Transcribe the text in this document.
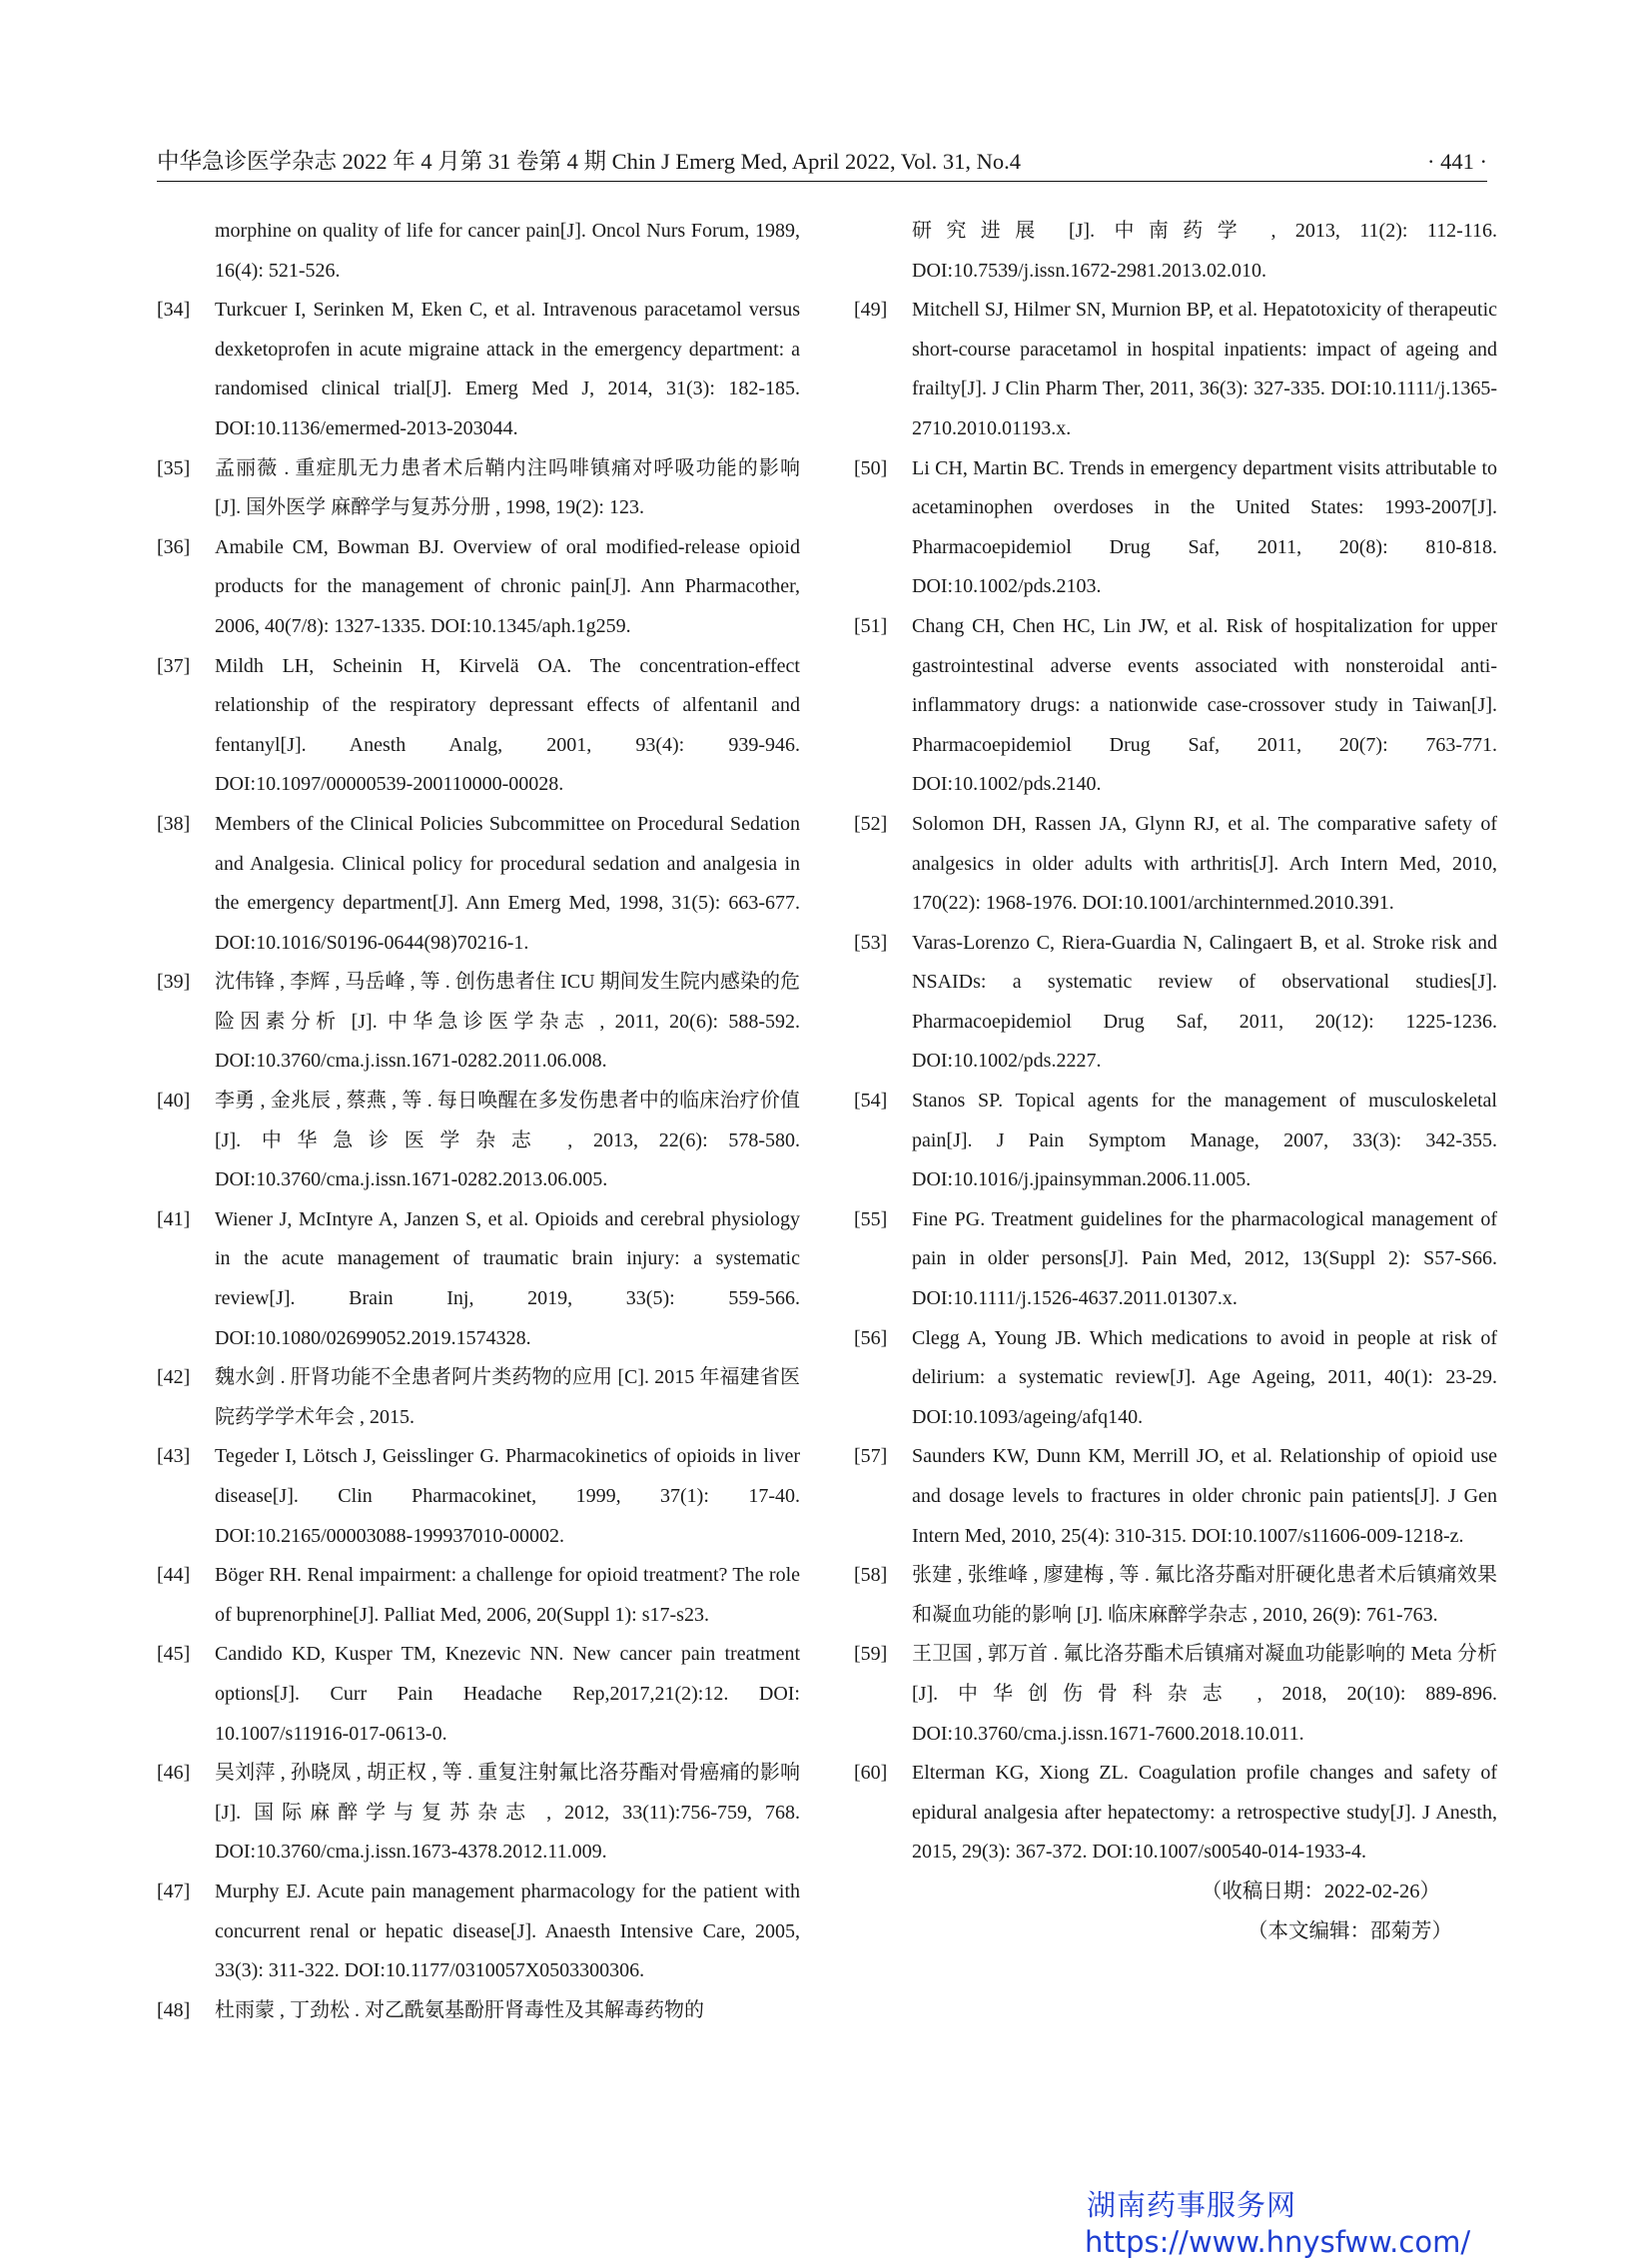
中华急诊医学杂志 2022 年 4 月第 31 卷第 4 期 Chin J Emerg Med, April 2022, Vol. 31, No.4	· 441 ·
morphine on quality of life for cancer pain[J]. Oncol Nurs Forum, 1989, 16(4): 521-526.
[34] Turkcuer I, Serinken M, Eken C, et al. Intravenous paracetamol versus dexketoprofen in acute migraine attack in the emergency department: a randomised clinical trial[J]. Emerg Med J, 2014, 31(3): 182-185. DOI:10.1136/emermed-2013-203044.
[35] 孟丽薇 . 重症肌无力患者术后鞘内注吗啡镇痛对呼吸功能的影响 [J]. 国外医学 麻醉学与复苏分册 , 1998, 19(2): 123.
[36] Amabile CM, Bowman BJ. Overview of oral modified-release opioid products for the management of chronic pain[J]. Ann Pharmacother, 2006, 40(7/8): 1327-1335. DOI:10.1345/aph.1g259.
[37] Mildh LH, Scheinin H, Kirvelä OA. The concentration-effect relationship of the respiratory depressant effects of alfentanil and fentanyl[J]. Anesth Analg, 2001, 93(4): 939-946. DOI:10.1097/00000539-200110000-00028.
[38] Members of the Clinical Policies Subcommittee on Procedural Sedation and Analgesia. Clinical policy for procedural sedation and analgesia in the emergency department[J]. Ann Emerg Med, 1998, 31(5): 663-677. DOI:10.1016/S0196-0644(98)70216-1.
[39] 沈伟锋 , 李辉 , 马岳峰 , 等 . 创伤患者住 ICU 期间发生院内感染的危险因素分析 [J]. 中华急诊医学杂志 , 2011, 20(6): 588-592. DOI:10.3760/cma.j.issn.1671-0282.2011.06.008.
[40] 李勇 , 金兆辰 , 蔡燕 , 等 . 每日唤醒在多发伤患者中的临床治疗价值 [J]. 中华急诊医学杂志 , 2013, 22(6): 578-580. DOI:10.3760/cma.j.issn.1671-0282.2013.06.005.
[41] Wiener J, McIntyre A, Janzen S, et al. Opioids and cerebral physiology in the acute management of traumatic brain injury: a systematic review[J]. Brain Inj, 2019, 33(5): 559-566. DOI:10.1080/02699052.2019.1574328.
[42] 魏水剑 . 肝肾功能不全患者阿片类药物的应用 [C]. 2015 年福建省医院药学学术年会 , 2015.
[43] Tegeder I, Lötsch J, Geisslinger G. Pharmacokinetics of opioids in liver disease[J]. Clin Pharmacokinet, 1999, 37(1): 17-40. DOI:10.2165/00003088-199937010-00002.
[44] Böger RH. Renal impairment: a challenge for opioid treatment? The role of buprenorphine[J]. Palliat Med, 2006, 20(Suppl 1): s17-s23.
[45] Candido KD, Kusper TM, Knezevic NN. New cancer pain treatment options[J]. Curr Pain Headache Rep,2017,21(2):12. DOI: 10.1007/s11916-017-0613-0.
[46] 吴刘萍 , 孙晓凤 , 胡正权 , 等 . 重复注射氟比洛芬酯对骨癌痛的影响 [J]. 国际麻醉学与复苏杂志 , 2012, 33(11):756-759, 768. DOI:10.3760/cma.j.issn.1673-4378.2012.11.009.
[47] Murphy EJ. Acute pain management pharmacology for the patient with concurrent renal or hepatic disease[J]. Anaesth Intensive Care, 2005, 33(3): 311-322. DOI:10.1177/0310057X0503300306.
[48] 杜雨蒙 , 丁劲松 . 对乙酰氨基酚肝肾毒性及其解毒药物的
研究进展 [J]. 中南药学 , 2013, 11(2): 112-116. DOI:10.7539/j.issn.1672-2981.2013.02.010.
[49] Mitchell SJ, Hilmer SN, Murnion BP, et al. Hepatotoxicity of therapeutic short-course paracetamol in hospital inpatients: impact of ageing and frailty[J]. J Clin Pharm Ther, 2011, 36(3): 327-335. DOI:10.1111/j.1365-2710.2010.01193.x.
[50] Li CH, Martin BC. Trends in emergency department visits attributable to acetaminophen overdoses in the United States: 1993-2007[J]. Pharmacoepidemiol Drug Saf, 2011, 20(8): 810-818. DOI:10.1002/pds.2103.
[51] Chang CH, Chen HC, Lin JW, et al. Risk of hospitalization for upper gastrointestinal adverse events associated with nonsteroidal anti-inflammatory drugs: a nationwide case-crossover study in Taiwan[J]. Pharmacoepidemiol Drug Saf, 2011, 20(7): 763-771. DOI:10.1002/pds.2140.
[52] Solomon DH, Rassen JA, Glynn RJ, et al. The comparative safety of analgesics in older adults with arthritis[J]. Arch Intern Med, 2010, 170(22): 1968-1976. DOI:10.1001/archinternmed.2010.391.
[53] Varas-Lorenzo C, Riera-Guardia N, Calingaert B, et al. Stroke risk and NSAIDs: a systematic review of observational studies[J]. Pharmacoepidemiol Drug Saf, 2011, 20(12): 1225-1236. DOI:10.1002/pds.2227.
[54] Stanos SP. Topical agents for the management of musculoskeletal pain[J]. J Pain Symptom Manage, 2007, 33(3): 342-355. DOI:10.1016/j.jpainsymman.2006.11.005.
[55] Fine PG. Treatment guidelines for the pharmacological management of pain in older persons[J]. Pain Med, 2012, 13(Suppl 2): S57-S66. DOI:10.1111/j.1526-4637.2011.01307.x.
[56] Clegg A, Young JB. Which medications to avoid in people at risk of delirium: a systematic review[J]. Age Ageing, 2011, 40(1): 23-29. DOI:10.1093/ageing/afq140.
[57] Saunders KW, Dunn KM, Merrill JO, et al. Relationship of opioid use and dosage levels to fractures in older chronic pain patients[J]. J Gen Intern Med, 2010, 25(4): 310-315. DOI:10.1007/s11606-009-1218-z.
[58] 张建 , 张维峰 , 廖建梅 , 等 . 氟比洛芬酯对肝硬化患者术后镇痛效果和凝血功能的影响 [J]. 临床麻醉学杂志 , 2010, 26(9): 761-763.
[59] 王卫国 , 郭万首 . 氟比洛芬酯术后镇痛对凝血功能影响的 Meta 分析 [J]. 中华创伤骨科杂志 , 2018, 20(10): 889-896. DOI:10.3760/cma.j.issn.1671-7600.2018.10.011.
[60] Elterman KG, Xiong ZL. Coagulation profile changes and safety of epidural analgesia after hepatectomy: a retrospective study[J]. J Anesth, 2015, 29(3): 367-372. DOI:10.1007/s00540-014-1933-4.
（收稿日期：2022-02-26）
（本文编辑：邵菊芳）
湖南药事服务网
https://www.hnysfww.com/
